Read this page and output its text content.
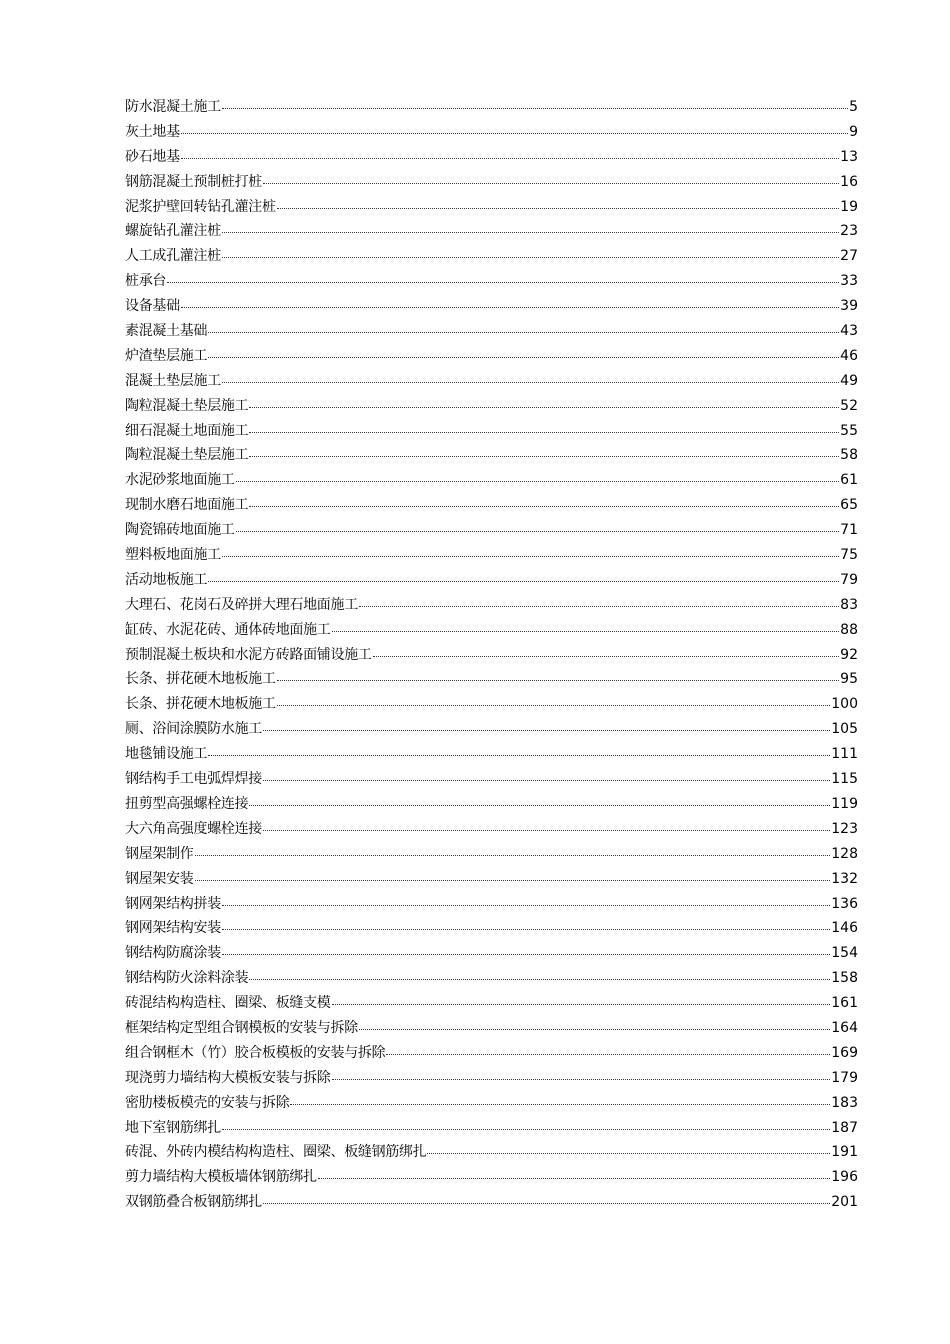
防水混凝土施工	5
灰土地基	9
砂石地基	13
钢筋混凝土预制桩打桩	16
泥浆护壁回转钻孔灌注桩	19
螺旋钻孔灌注桩	23
人工成孔灌注桩	27
桩承台	33
设备基础	39
素混凝土基础	43
炉渣垫层施工	46
混凝土垫层施工	49
陶粒混凝土垫层施工	52
细石混凝土地面施工	55
陶粒混凝土垫层施工	58
水泥砂浆地面施工	61
现制水磨石地面施工	65
陶瓷锦砖地面施工	71
塑料板地面施工	75
活动地板施工	79
大理石、花岗石及碎拼大理石地面施工	83
缸砖、水泥花砖、通体砖地面施工	88
预制混凝土板块和水泥方砖路面铺设施工	92
长条、拼花硬木地板施工	95
长条、拼花硬木地板施工	100
厕、浴间涂膜防水施工	105
地毯铺设施工	111
钢结构手工电弧焊焊接	115
扭剪型高强螺栓连接	119
大六角高强度螺栓连接	123
钢屋架制作	128
钢屋架安装	132
钢网架结构拼装	136
钢网架结构安装	146
钢结构防腐涂装	154
钢结构防火涂料涂装	158
砖混结构构造柱、圈梁、板缝支模	161
框架结构定型组合钢模板的安装与拆除	164
组合钢框木（竹）胶合板模板的安装与拆除	169
现浇剪力墙结构大模板安装与拆除	179
密肋楼板模壳的安装与拆除	183
地下室钢筋绑扎	187
砖混、外砖内模结构构造柱、圈梁、板缝钢筋绑扎	191
剪力墙结构大模板墙体钢筋绑扎	196
双钢筋叠合板钢筋绑扎	201
